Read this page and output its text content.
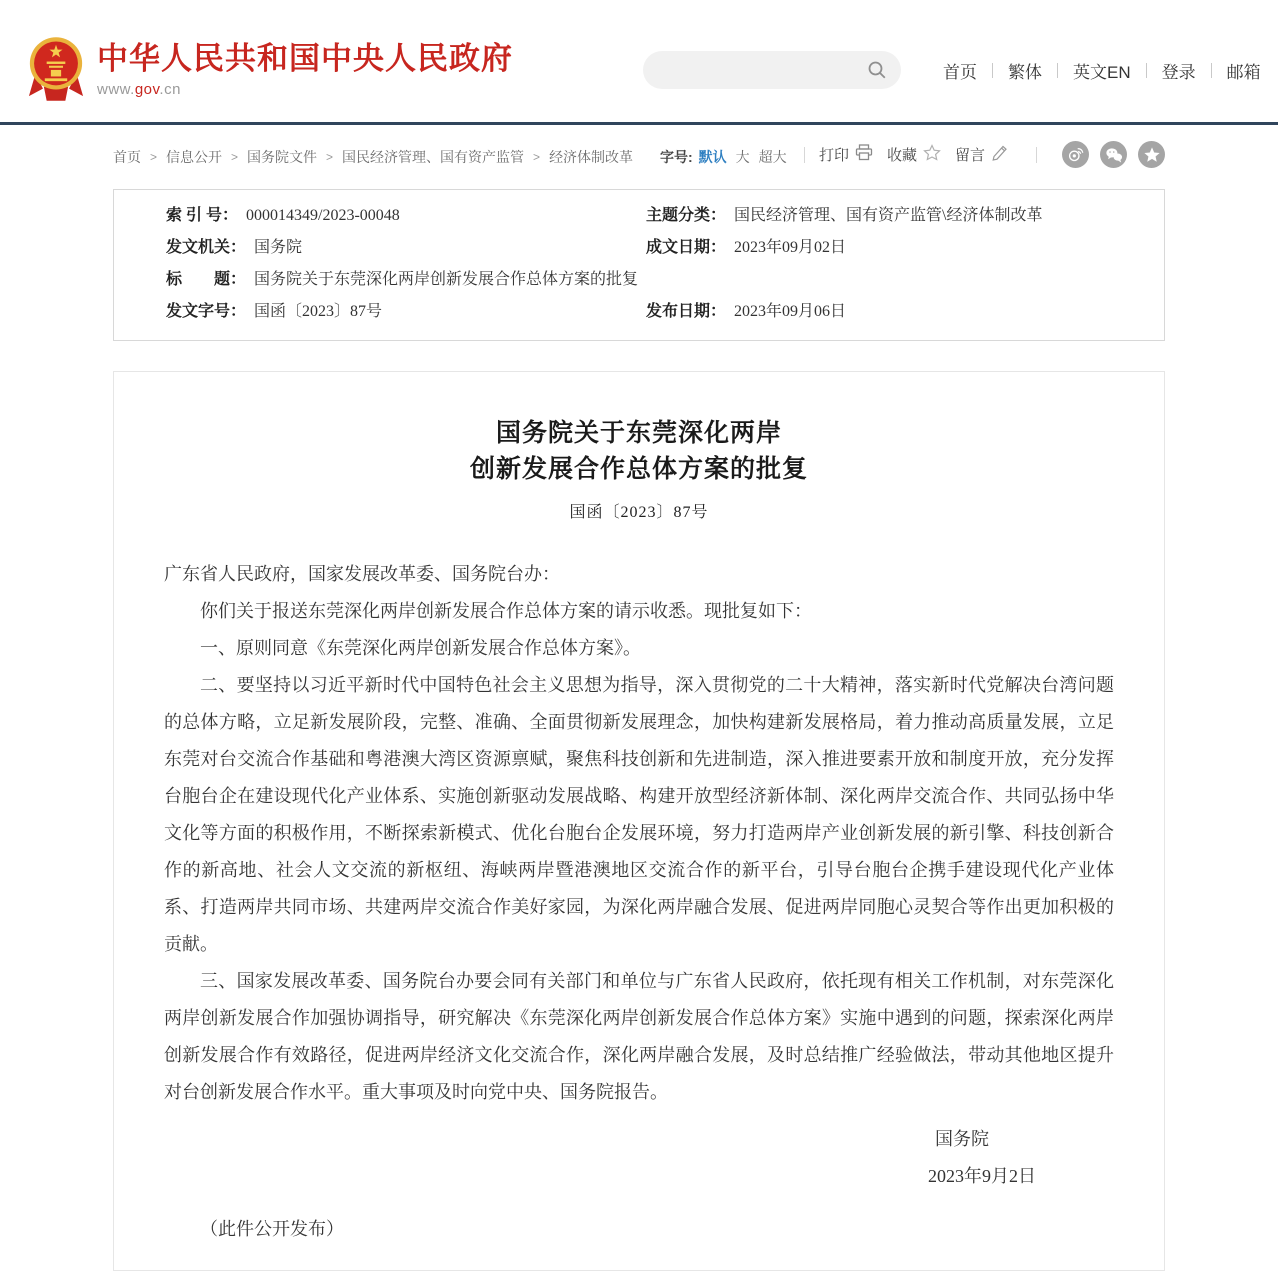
中华人民共和国中央人民政府
www.gov.cn
首页	繁体	英文EN	登录	邮箱
首页 > 信息公开 > 国务院文件 > 国民经济管理、国有资产监管 > 经济体制改革 字号: 默认 大 超大 打印	收藏	留言
索 引 号： 000014349/2023-00048	主题分类： 国民经济管理、国有资产监管\经济体制改革
发文机关： 国务院	成文日期： 2023年09月02日
标　　题： 国务院关于东莞深化两岸创新发展合作总体方案的批复
发文字号： 国函〔2023〕87号	发布日期： 2023年09月06日
国务院关于东莞深化两岸
创新发展合作总体方案的批复
国函〔2023〕87号

广东省人民政府，国家发展改革委、国务院台办：

你们关于报送东莞深化两岸创新发展合作总体方案的请示收悉。现批复如下：

一、原则同意《东莞深化两岸创新发展合作总体方案》。

二、要坚持以习近平新时代中国特色社会主义思想为指导，深入贯彻党的二十大精神，落实新时代党解决台湾问题的总体方略，立足新发展阶段，完整、准确、全面贯彻新发展理念，加快构建新发展格局，着力推动高质量发展，立足东莞对台交流合作基础和粤港澳大湾区资源禀赋，聚焦科技创新和先进制造，深入推进要素开放和制度开放，充分发挥台胞台企在建设现代化产业体系、实施创新驱动发展战略、构建开放型经济新体制、深化两岸交流合作、共同弘扬中华文化等方面的积极作用，不断探索新模式、优化台胞台企发展环境，努力打造两岸产业创新发展的新引擎、科技创新合作的新高地、社会人文交流的新枢纽、海峡两岸暨港澳地区交流合作的新平台，引导台胞台企携手建设现代化产业体系、打造两岸共同市场、共建两岸交流合作美好家园，为深化两岸融合发展、促进两岸同胞心灵契合等作出更加积极的贡献。

三、国家发展改革委、国务院台办要会同有关部门和单位与广东省人民政府，依托现有相关工作机制，对东莞深化两岸创新发展合作加强协调指导，研究解决《东莞深化两岸创新发展合作总体方案》实施中遇到的问题，探索深化两岸创新发展合作有效路径，促进两岸经济文化交流合作，深化两岸融合发展，及时总结推广经验做法，带动其他地区提升对台创新发展合作水平。重大事项及时向党中央、国务院报告。

国务院
2023年9月2日
（此件公开发布）
